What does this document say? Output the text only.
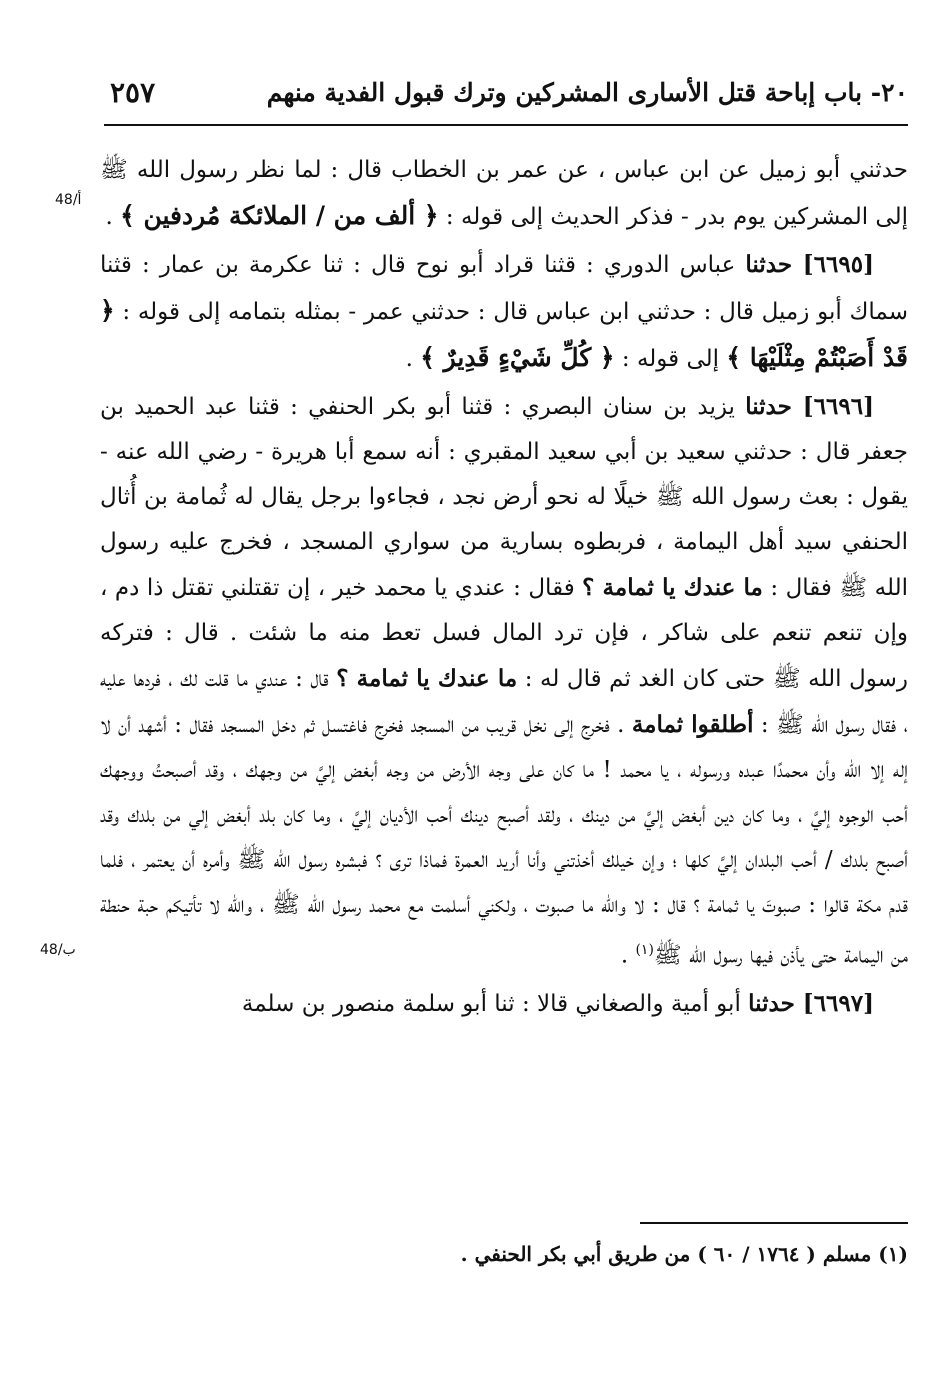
٢٠- باب إباحة قتل الأسارى المشركين وترك قبول الفدية منهم
٢٥٧
48/أ
48/ب

حدثني أبو زميل عن ابن عباس ، عن عمر بن الخطاب قال : لما نظر رسول الله ﷺ إلى المشركين يوم بدر - فذكر الحديث إلى قوله : ﴿ ألف من / الملائكة مُردفين ﴾ .

[٦٦٩٥] حدثنا عباس الدوري : قثنا قراد أبو نوح قال : ثنا عكرمة بن عمار : قثنا سماك أبو زميل قال : حدثني ابن عباس قال : حدثني عمر - بمثله بتمامه إلى قوله : ﴿ قَدْ أَصَبْتُمْ مِثْلَيْهَا ﴾ إلى قوله : ﴿ كُلِّ شَيْءٍ قَدِيرٌ ﴾ .

[٦٦٩٦] حدثنا يزيد بن سنان البصري : قثنا أبو بكر الحنفي : قثنا عبد الحميد بن جعفر قال : حدثني سعيد بن أبي سعيد المقبري : أنه سمع أبا هريرة - رضي الله عنه - يقول : بعث رسول الله ﷺ خيلًا له نحو أرض نجد ، فجاءوا برجل يقال له ثُمامة بن أُثال الحنفي سيد أهل اليمامة ، فربطوه بسارية من سواري المسجد ، فخرج عليه رسول الله ﷺ فقال : ما عندك يا ثمامة ؟ فقال : عندي يا محمد خير ، إن تقتلني تقتل ذا دم ، وإن تنعم تنعم على شاكر ، فإن ترد المال فسل تعط منه ما شئت . قال : فتركه رسول الله ﷺ حتى كان الغد ثم قال له : ما عندك يا ثمامة ؟ قال : عندي ما قلت لك ، فردها عليه ، فقال رسول الله ﷺ : أطلقوا ثمامة . فخرج إلى نخل قريب من المسجد فخرج فاغتسل ثم دخل المسجد فقال : أشهد أن لا إله إلا الله وأن محمدًا عبده ورسوله ، يا محمد ! ما كان على وجه الأرض من وجه أبغض إليَّ من وجهك ، وقد أصبحتُ ووجهك أحب الوجوه إليَّ ، وما كان دين أبغض إليَّ من دينك ، ولقد أصبح دينك أحب الأديان إليَّ ، وما كان بلد أبغض إلي من بلدك وقد أصبح بلدك / أحب البلدان إليَّ كلها ؛ وإن خيلك أخذتني وأنا أريد العمرة فماذا ترى ؟ فبشره رسول الله ﷺ وأمره أن يعتمر ، فلما قدم مكة قالوا : صبوتَ يا ثمامة ؟ قال : لا والله ما صبوت ، ولكني أسلمت مع محمد رسول الله ﷺ ، والله لا تأتيكم حبة حنطة من اليمامة حتى يأذن فيها رسول الله ﷺ$^{(١)}$ .

[٦٦٩٧] حدثنا أبو أمية والصغاني قالا : ثنا أبو سلمة منصور بن سلمة

(١) مسلم ( ١٧٦٤ / ٦٠ ) من طريق أبي بكر الحنفي .
